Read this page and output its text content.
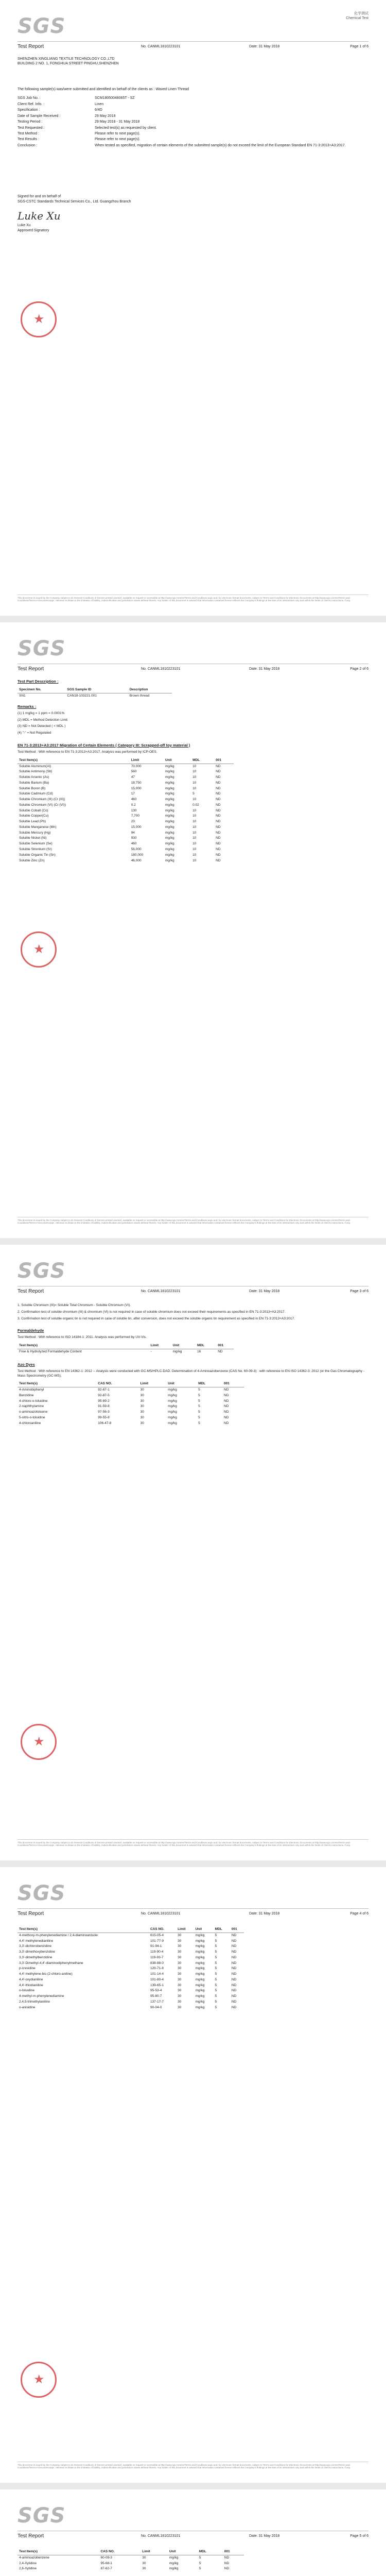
SGS
化学测试
Chemical Test
Test Report	No. CANML1810223101	Date: 31 May 2018	Page 1 of 6
SHENZHEN XINGLIANG TEXTILE TECHNOLOGY CO.,LTD
BUILDING 2 NO. 1, FONGHUA STREET PINGHU,SHENZHEN
The following sample(s) was/were submitted and identified on behalf of the clients as : Waxed Linen Thread
SGS Job No. :	SCM18050048065T - SZ
Client Ref. Info. :	Linen
Specification :	6/4D
Date of Sample Received :	29 May 2018
Testing Period :	29 May 2018 - 31 May 2018
Test Requested :	Selected test(s) as requested by client.
Test Method :	Please refer to next page(s).
Test Results :	Please refer to next page(s).
Conclusion :	When tested as specified, migration of certain elements of the submitted sample(s) do not exceed the limit of the European Standard EN 71-3:2013+A3:2017.
Signed for and on behalf of
SGS-CSTC Standards Technical Services Co., Ltd. Guangzhou Branch
Luke Xu
Luke Xu
Approved Signatory
★
This document is issued by the Company subject to its General Conditions of Service printed overleaf, available on request or accessible at http://www.sgs.com/en/Terms-and-Conditions.aspx and, for electronic format documents, subject to Terms and Conditions for Electronic Documents at http://www.sgs.com/en/Terms-and-Conditions/Terms-e-Document.aspx. Attention is drawn to the limitation of liability, indemnification and jurisdiction issues defined therein. Any holder of this document is advised that information contained hereon reflects the Company's findings at the time of its intervention only and within the limits of Client's instructions, if any.
SGS
Test Report	No. CANML1810223101	Date: 31 May 2018	Page 2 of 6
Test Part Description :
Specimen No.	SGS Sample ID	Description
SN1	CAN18-103221.001	Brown thread
Remarks :
(1) 1 mg/kg = 1 ppm = 0.0001%
(2) MDL = Method Detection Limit
(3) ND = Not Detected ( < MDL )
(4) "-" = Not Regulated
EN 71-3:2013+A3:2017 Migration of Certain Elements ( Category III: Scrapped-off toy material )
Test Method : With reference to EN 71-3:2013+A3:2017. Analysis was performed by ICP-OES.
Test Item(s)	Limit	Unit	MDL	001
Soluble Aluminum(Al)	70,000	mg/kg	10	ND
Soluble Antimony (Sb)	560	mg/kg	10	ND
Soluble Arsenic (As)	47	mg/kg	10	ND
Soluble Barium (Ba)	18,750	mg/kg	10	ND
Soluble Boron (B)	15,000	mg/kg	10	ND
Soluble Cadmium (Cd)	17	mg/kg	5	ND
Soluble Chromium (III) (Cr (III))	460	mg/kg	10	ND
Soluble Chromium (VI) (Cr (VI))	0.2	mg/kg	0.02	ND
Soluble Cobalt (Co)	130	mg/kg	10	ND
Soluble Copper(Cu)	7,700	mg/kg	10	ND
Soluble Lead (Pb)	23	mg/kg	10	ND
Soluble Manganese (Mn)	15,000	mg/kg	10	ND
Soluble Mercury (Hg)	94	mg/kg	10	ND
Soluble Nickel (Ni)	930	mg/kg	10	ND
Soluble Selenium (Se)	460	mg/kg	10	ND
Soluble Strontium (Sr)	56,000	mg/kg	10	ND
Soluble Organic Tin (Sn)	180,000	mg/kg	10	ND
Soluble Zinc (Zn)	46,000	mg/kg	10	ND
★
This document is issued by the Company subject to its General Conditions of Service printed overleaf, available on request or accessible at http://www.sgs.com/en/Terms-and-Conditions.aspx and, for electronic format documents, subject to Terms and Conditions for Electronic Documents at http://www.sgs.com/en/Terms-and-Conditions/Terms-e-Document.aspx. Attention is drawn to the limitation of liability, indemnification and jurisdiction issues defined therein. Any holder of this document is advised that information contained hereon reflects the Company's findings at the time of its intervention only and within the limits of Client's instructions, if any.
SGS
Test Report	No. CANML1810223101	Date: 31 May 2018	Page 3 of 6
1. Soluble Chromium (III)= Soluble Total Chromium - Soluble Chromium (VI).
2. Confirmation test of soluble chromium (III) & chromium (VI) is not required in case of soluble chromium does not exceed their requirements as specified in EN 71-3:2013+A3:2017.
3. Confirmation test of soluble organic tin is not required in case of soluble tin, after conversion, does not exceed the soluble organic tin requirement as specified in EN 71-3:2013+A3:2017.
Formaldehyde
Test Method : With reference to ISO 14184-1: 2011. Analysis was performed by UV-Vis.
Test Item(s)	Limit	Unit	MDL	001
Free & Hydrolyzed Formaldehyde Content	-	mg/kg	16	ND
Azo Dyes
Test Method : With reference to EN 14362-1: 2012 -- Analysis were conducted with GC-MS/HPLC-DAD. Determination of 4-Aminoazobenzene (CAS No. 60-09-3) : with reference to EN ISO 14362-3: 2012 (or the Gas Chromatography - Mass Spectrometry (GC-MS).
Test Item(s)	CAS NO.	Limit	Unit	MDL	001
4-Aminobiphenyl	92-67-1	30	mg/kg	5	ND
Benzidine	92-87-5	30	mg/kg	5	ND
4-chloro-o-toluidine	95-69-2	30	mg/kg	5	ND
2-naphthylamine	91-59-8	30	mg/kg	5	ND
o-aminoazotoluene	97-56-3	30	mg/kg	5	ND
5-nitro-o-toluidine	99-55-8	30	mg/kg	5	ND
4-chloroaniline	106-47-8	30	mg/kg	5	ND
★
This document is issued by the Company subject to its General Conditions of Service printed overleaf, available on request or accessible at http://www.sgs.com/en/Terms-and-Conditions.aspx and, for electronic format documents, subject to Terms and Conditions for Electronic Documents at http://www.sgs.com/en/Terms-and-Conditions/Terms-e-Document.aspx. Attention is drawn to the limitation of liability, indemnification and jurisdiction issues defined therein. Any holder of this document is advised that information contained hereon reflects the Company's findings at the time of its intervention only and within the limits of Client's instructions, if any.
SGS
Test Report	No. CANML1810223101	Date: 31 May 2018	Page 4 of 6
Test Item(s)	CAS NO.	Limit	Unit	MDL	001
4-methoxy-m-phenylenediamine / 2,4-diaminoanisole	615-05-4	30	mg/kg	5	ND
4,4'-methylenedianiline	101-77-9	30	mg/kg	5	ND
3,3'-dichlorobenzidine	91-94-1	30	mg/kg	5	ND
3,3'-dimethoxybenzidine	119-90-4	30	mg/kg	5	ND
3,3'-dimethylbenzidine	119-93-7	30	mg/kg	5	ND
3,3'-Dimethyl-4,4'-diaminodiphenylmethane	838-88-0	30	mg/kg	5	ND
p-cresidine	120-71-8	30	mg/kg	5	ND
4,4'-methylene-bis-(2-chloro-aniline)	101-14-4	30	mg/kg	5	ND
4,4'-oxydianiline	101-80-4	30	mg/kg	5	ND
4,4'-thiodianiline	139-65-1	30	mg/kg	5	ND
o-toluidine	95-53-4	30	mg/kg	5	ND
4-methyl-m-phenylenediamine	95-80-7	30	mg/kg	5	ND
2,4,5-trimethylaniline	137-17-7	30	mg/kg	5	ND
o-anisidine	90-04-0	30	mg/kg	5	ND
★
This document is issued by the Company subject to its General Conditions of Service printed overleaf, available on request or accessible at http://www.sgs.com/en/Terms-and-Conditions.aspx and, for electronic format documents, subject to Terms and Conditions for Electronic Documents at http://www.sgs.com/en/Terms-and-Conditions/Terms-e-Document.aspx. Attention is drawn to the limitation of liability, indemnification and jurisdiction issues defined therein. Any holder of this document is advised that information contained hereon reflects the Company's findings at the time of its intervention only and within the limits of Client's instructions, if any.
SGS
Test Report	No. CANML1810223101	Date: 31 May 2018	Page 5 of 6
Test Item(s)	CAS NO.	Limit	Unit	MDL	001
4-aminoazobenzene	60-09-3	30	mg/kg	5	ND
2,4-Xylidine	95-68-1	30	mg/kg	5	ND
2,6-Xylidine	87-62-7	30	mg/kg	5	ND
